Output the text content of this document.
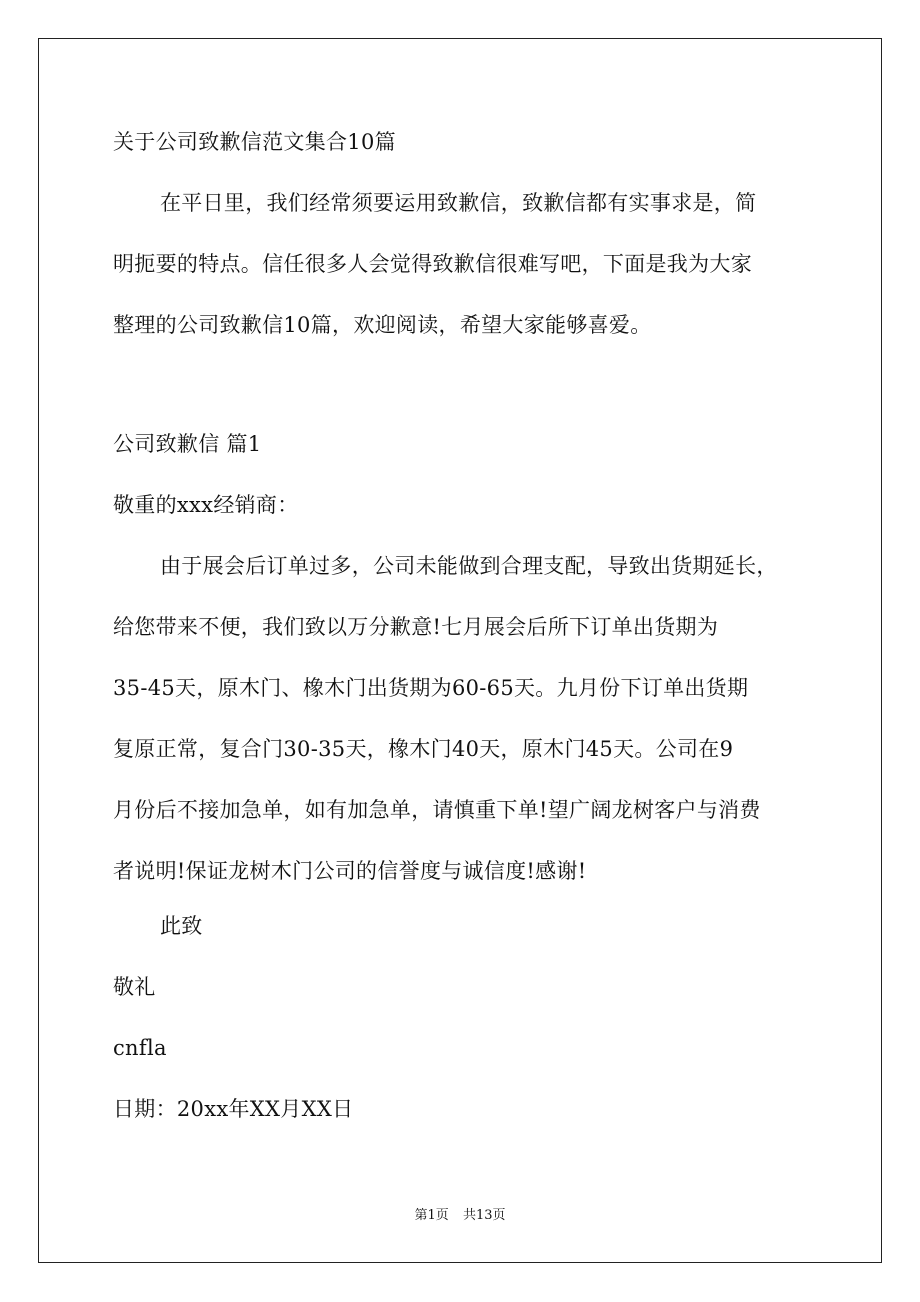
关于公司致歉信范文集合10篇
在平日里，我们经常须要运用致歉信，致歉信都有实事求是，简
明扼要的特点。信任很多人会觉得致歉信很难写吧，下面是我为大家
整理的公司致歉信10篇，欢迎阅读，希望大家能够喜爱。
公司致歉信 篇1
敬重的xxx经销商：
由于展会后订单过多，公司未能做到合理支配，导致出货期延长，
给您带来不便，我们致以万分歉意!七月展会后所下订单出货期为
35-45天，原木门、橡木门出货期为60-65天。九月份下订单出货期
复原正常，复合门30-35天，橡木门40天，原木门45天。公司在9
月份后不接加急单，如有加急单，请慎重下单!望广阔龙树客户与消费
者说明!保证龙树木门公司的信誉度与诚信度!感谢!
此致
敬礼
cnfla
日期：20xx年XX月XX日
第1页 共13页
